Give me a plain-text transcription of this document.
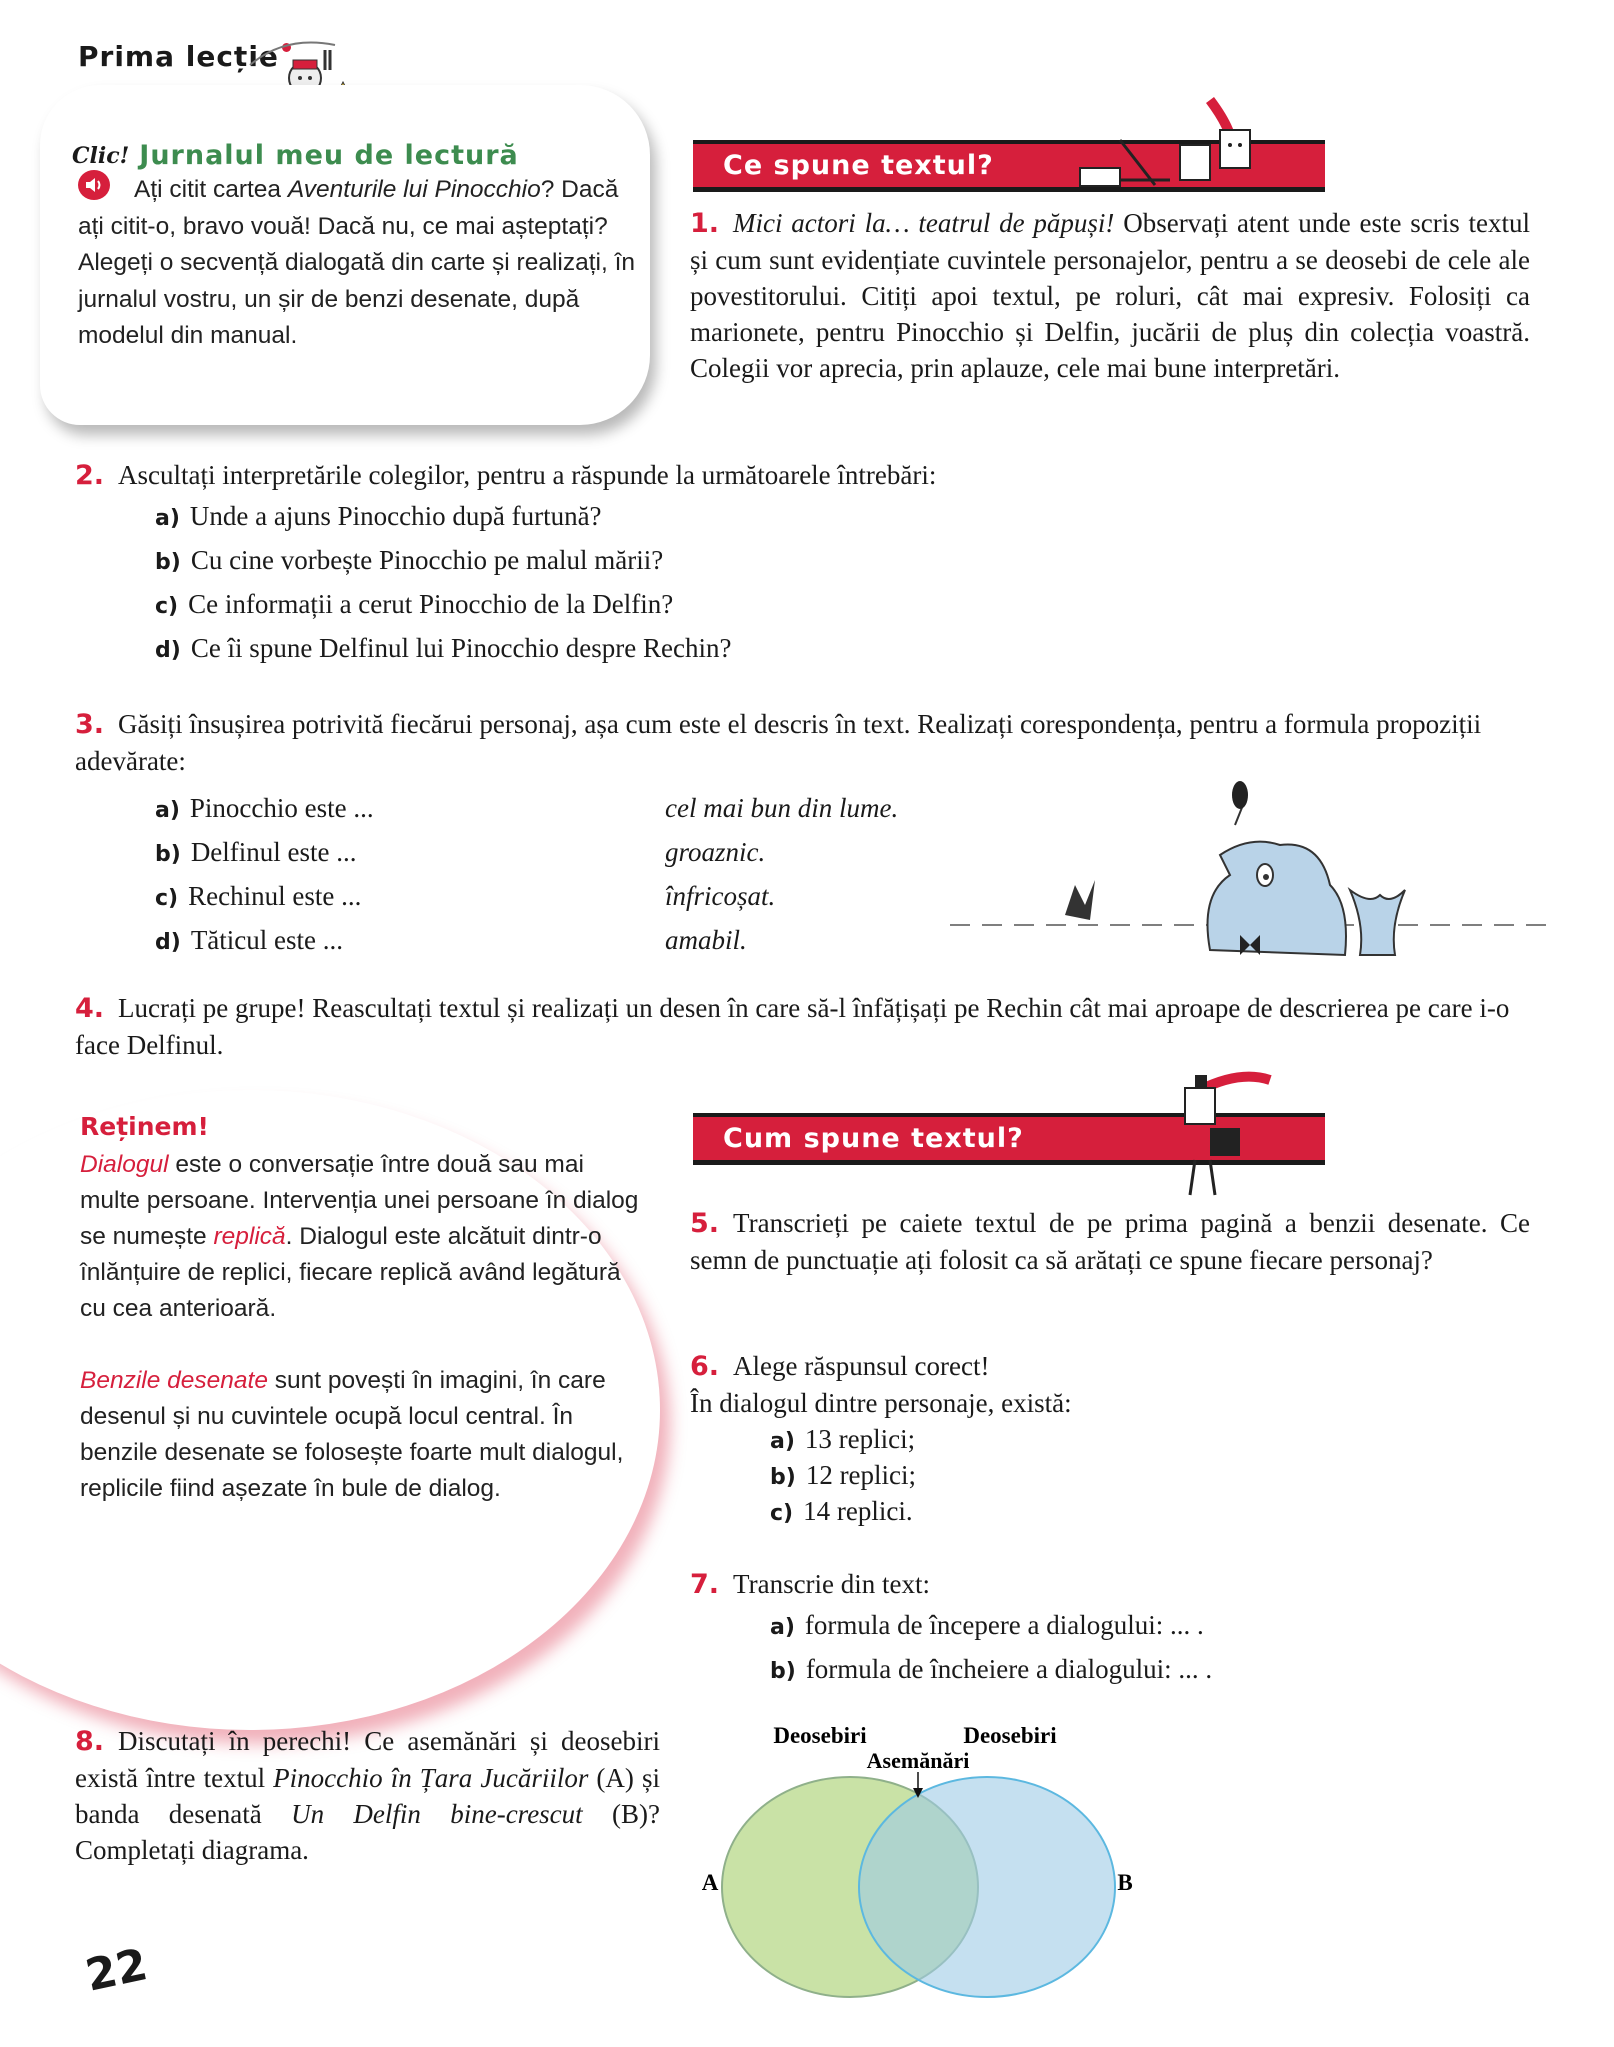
Prima lecție
Clic! Jurnalul meu de lectură
Ați citit cartea Aventurile lui Pinocchio? Dacă ați citit-o, bravo vouă! Dacă nu, ce mai așteptați? Alegeți o secvență dialogată din carte și realizați, în jurnalul vostru, un șir de benzi desenate, după modelul din manual.
Ce spune textul?
1. Mici actori la… teatrul de păpuși! Observați atent unde este scris textul și cum sunt evidențiate cuvintele personajelor, pentru a se deosebi de cele ale povestitorului. Citiți apoi textul, pe roluri, cât mai expresiv. Folosiți ca marionete, pentru Pinocchio și Delfin, jucării de pluș din colecția voastră. Colegii vor aprecia, prin aplauze, cele mai bune interpretări.
2. Ascultați interpretările colegilor, pentru a răspunde la următoarele întrebări:
a) Unde a ajuns Pinocchio după furtună?
b) Cu cine vorbește Pinocchio pe malul mării?
c) Ce informații a cerut Pinocchio de la Delfin?
d) Ce îi spune Delfinul lui Pinocchio despre Rechin?
3. Găsiți însușirea potrivită fiecărui personaj, așa cum este el descris în text. Realizați corespondența, pentru a formula propoziții adevărate:
a) Pinocchio este ...	cel mai bun din lume.
b) Delfinul este ...	groaznic.
c) Rechinul este ...	înfricoșat.
d) Tăticul este ...	amabil.
4. Lucrați pe grupe! Reascultați textul și realizați un desen în care să-l înfățișați pe Rechin cât mai aproape de descrierea pe care i-o face Delfinul.
Reținem!

Dialogul este o conversație între două sau mai multe persoane. Intervenția unei persoane în dialog se numește replică. Dialogul este alcătuit dintr-o înlănțuire de replici, fiecare replică având legătură cu cea anterioară.

Benzile desenate sunt povești în imagini, în care desenul și nu cuvintele ocupă locul central. În benzile desenate se folosește foarte mult dialogul, replicile fiind așezate în bule de dialog.

Cum spune textul?
5. Transcrieți pe caiete textul de pe prima pagină a benzii desenate. Ce semn de punctuație ați folosit ca să arătați ce spune fiecare personaj?
6. Alege răspunsul corect!
În dialogul dintre personaje, există:
a) 13 replici;
b) 12 replici;
c) 14 replici.
7. Transcrie din text:
a) formula de începere a dialogului: ... .
b) formula de încheiere a dialogului: ... .
8. Discutați în perechi! Ce asemănări și deosebiri există între textul Pinocchio în Țara Jucăriilor (A) și banda desenată Un Delfin bine-crescut (B)? Completați diagrama.
Deosebiri	Deosebiri
Asemănări
A	B
22
